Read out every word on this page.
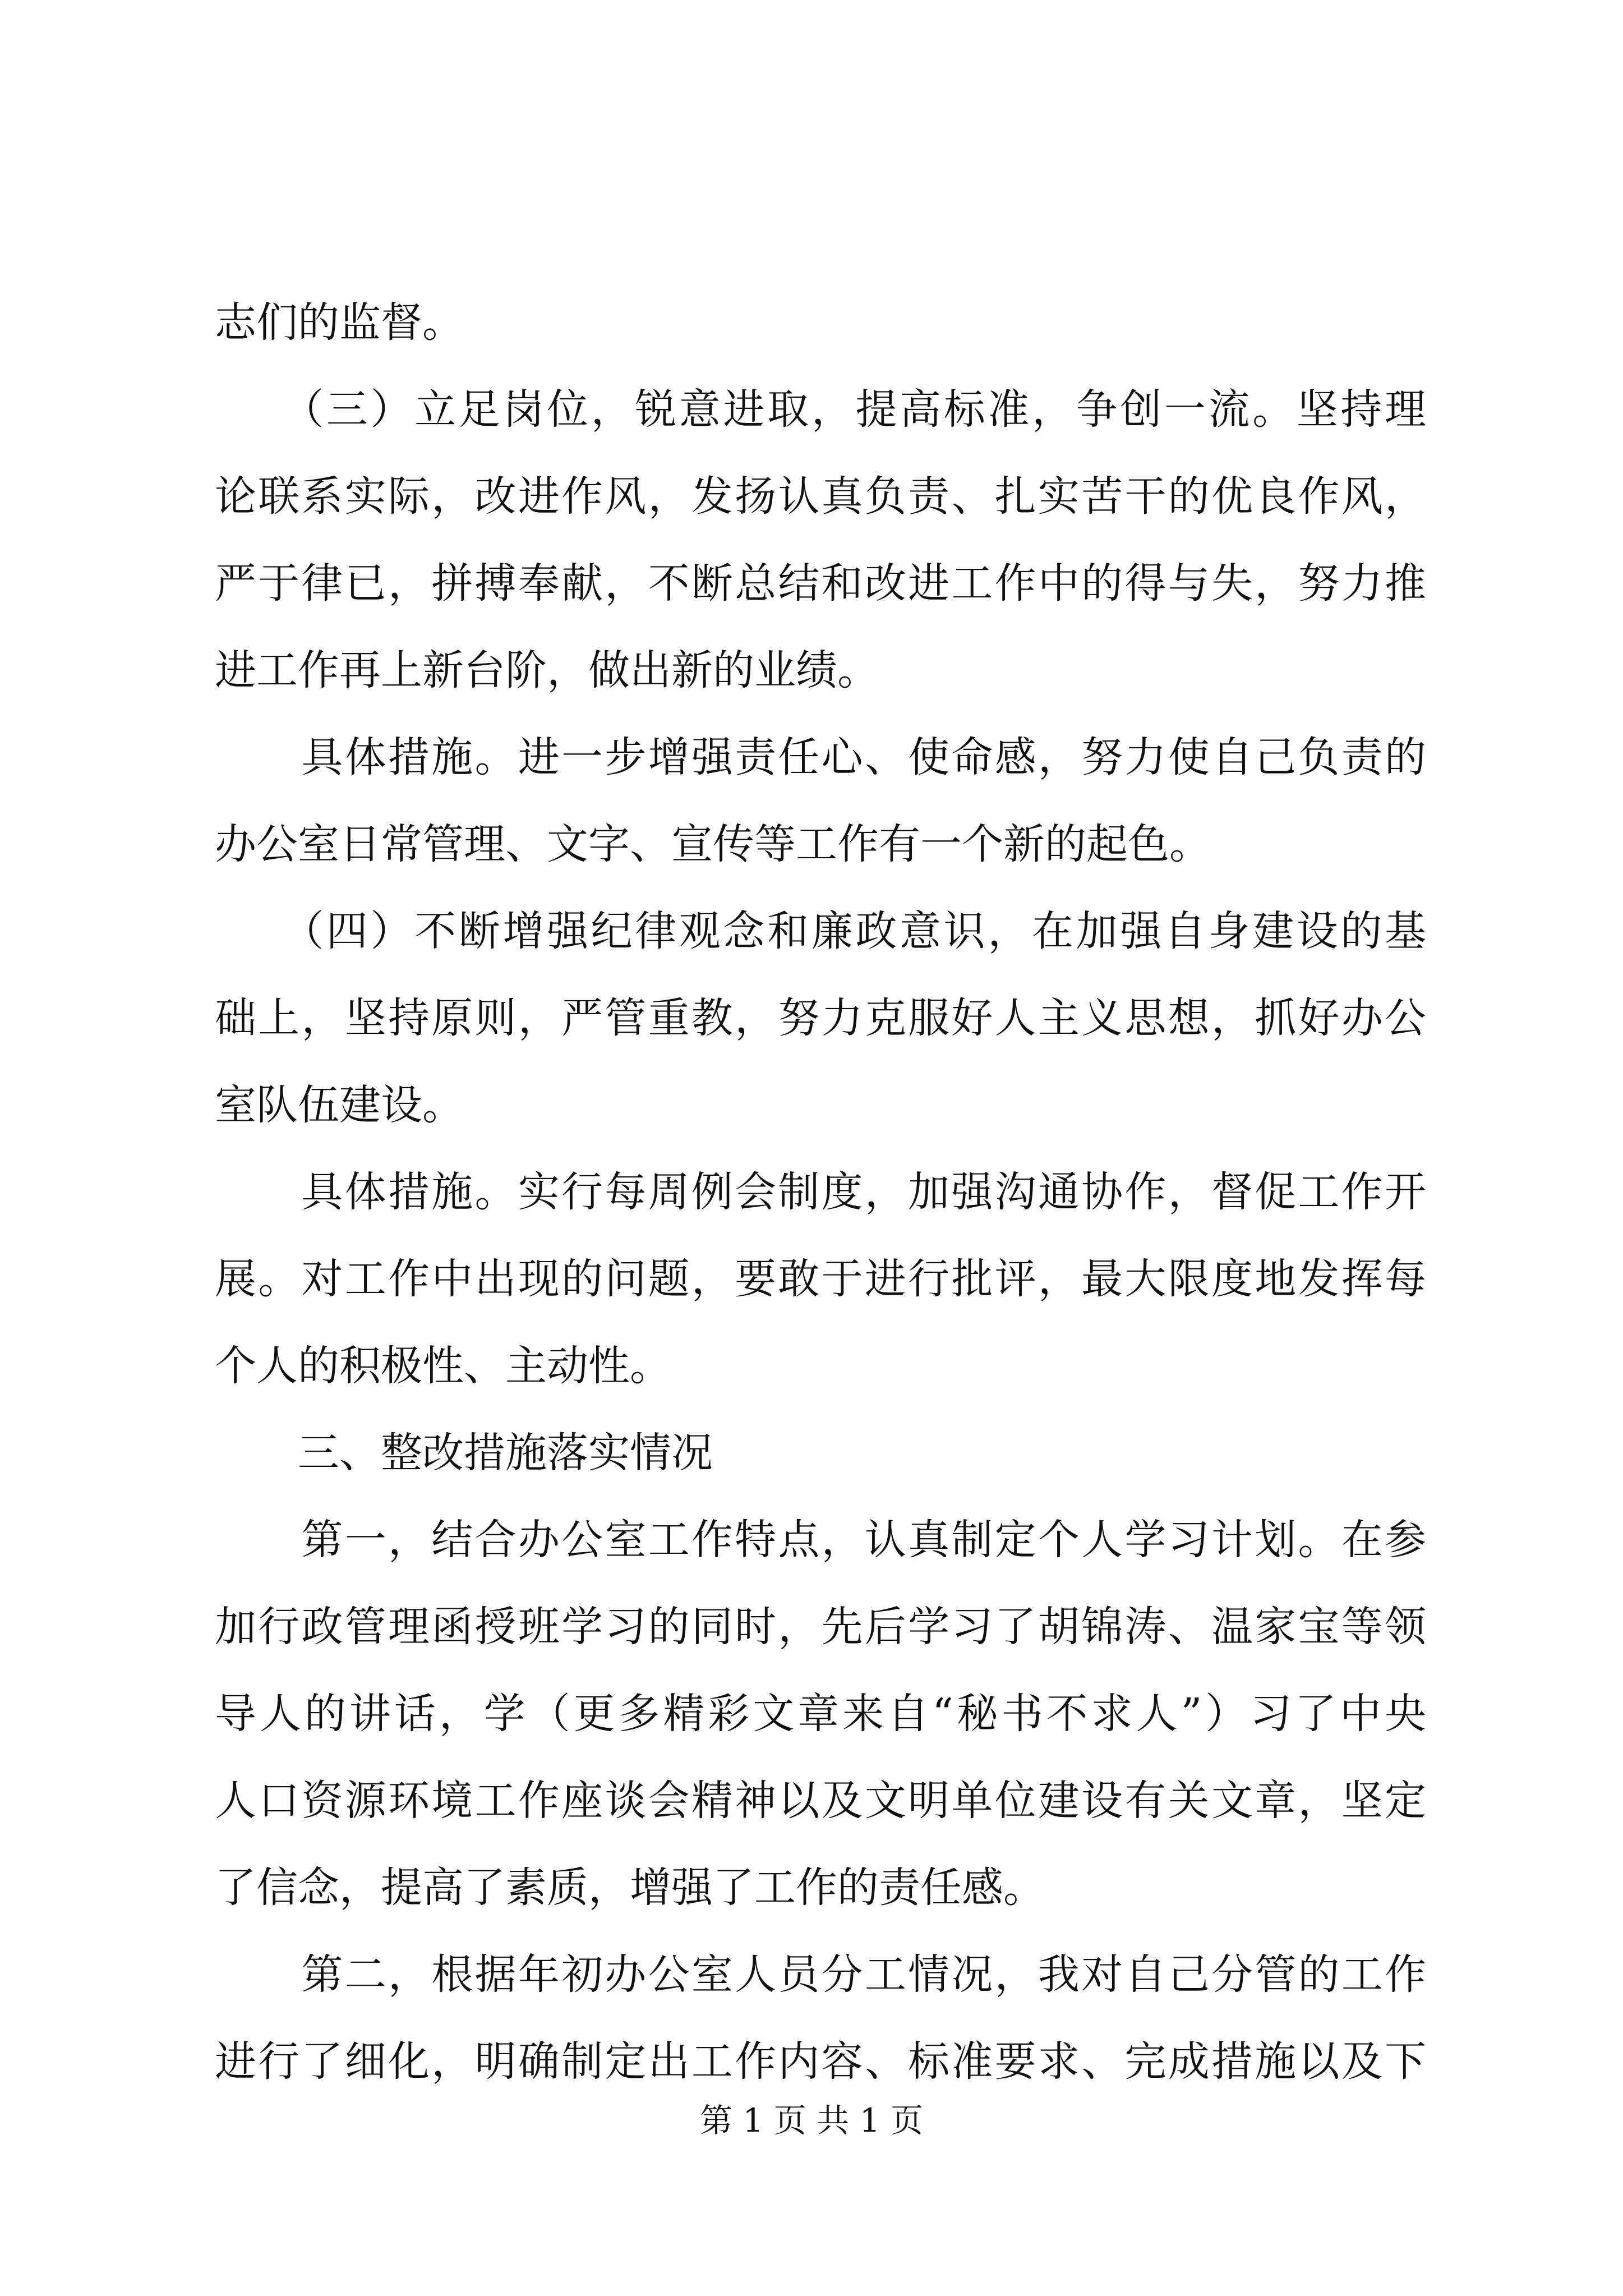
志们的监督。
　　（三）立足岗位，锐意进取，提高标准，争创一流。坚持理
论联系实际，改进作风，发扬认真负责、扎实苦干的优良作风，
严于律已，拼搏奉献，不断总结和改进工作中的得与失，努力推
进工作再上新台阶，做出新的业绩。
　　具体措施。进一步增强责任心、使命感，努力使自己负责的
办公室日常管理、文字、宣传等工作有一个新的起色。
　　（四）不断增强纪律观念和廉政意识，在加强自身建设的基
础上，坚持原则，严管重教，努力克服好人主义思想，抓好办公
室队伍建设。
　　具体措施。实行每周例会制度，加强沟通协作，督促工作开
展。对工作中出现的问题，要敢于进行批评，最大限度地发挥每
个人的积极性、主动性。
　　三、整改措施落实情况
　　第一，结合办公室工作特点，认真制定个人学习计划。在参
加行政管理函授班学习的同时，先后学习了胡锦涛、温家宝等领
导人的讲话，学（更多精彩文章来自“秘书不求人”）习了中央
人口资源环境工作座谈会精神以及文明单位建设有关文章，坚定
了信念，提高了素质，增强了工作的责任感。
　　第二，根据年初办公室人员分工情况，我对自己分管的工作
进行了细化，明确制定出工作内容、标准要求、完成措施以及下
第 1 页 共 1 页
